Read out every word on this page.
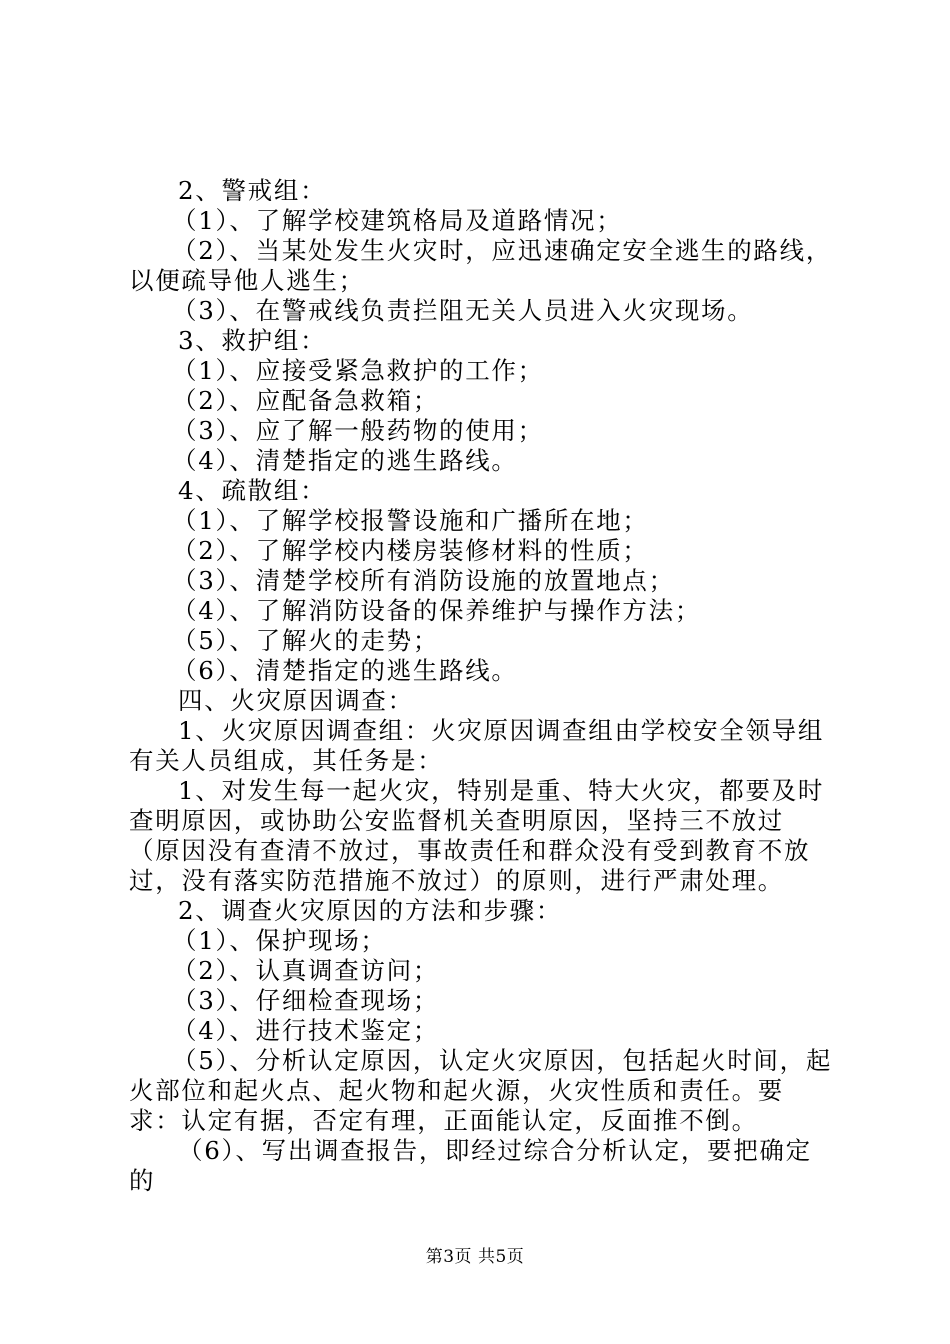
2、警戒组：

（1）、了解学校建筑格局及道路情况；

（2）、当某处发生火灾时，应迅速确定安全逃生的路线，以便疏导他人逃生；

（3）、在警戒线负责拦阻无关人员进入火灾现场。

3、救护组：

（1）、应接受紧急救护的工作；

（2）、应配备急救箱；

（3）、应了解一般药物的使用；

（4）、清楚指定的逃生路线。

4、疏散组：

（1）、了解学校报警设施和广播所在地；

（2）、了解学校内楼房装修材料的性质；

（3）、清楚学校所有消防设施的放置地点；

（4）、了解消防设备的保养维护与操作方法；

（5）、了解火的走势；

（6）、清楚指定的逃生路线。

四、火灾原因调查：

1、火灾原因调查组：火灾原因调查组由学校安全领导组有关人员组成，其任务是：

1、对发生每一起火灾，特别是重、特大火灾，都要及时查明原因，或协助公安监督机关查明原因，坚持三不放过（原因没有查清不放过，事故责任和群众没有受到教育不放过，没有落实防范措施不放过）的原则，进行严肃处理。

2、调查火灾原因的方法和步骤：

（1）、保护现场；

（2）、认真调查访问；

（3）、仔细检查现场；

（4）、进行技术鉴定；

（5）、分析认定原因，认定火灾原因，包括起火时间，起火部位和起火点、起火物和起火源，火灾性质和责任。要求：认定有据，否定有理，正面能认定，反面推不倒。

（6）、写出调查报告，即经过综合分析认定，要把确定的

第3页 共5页
